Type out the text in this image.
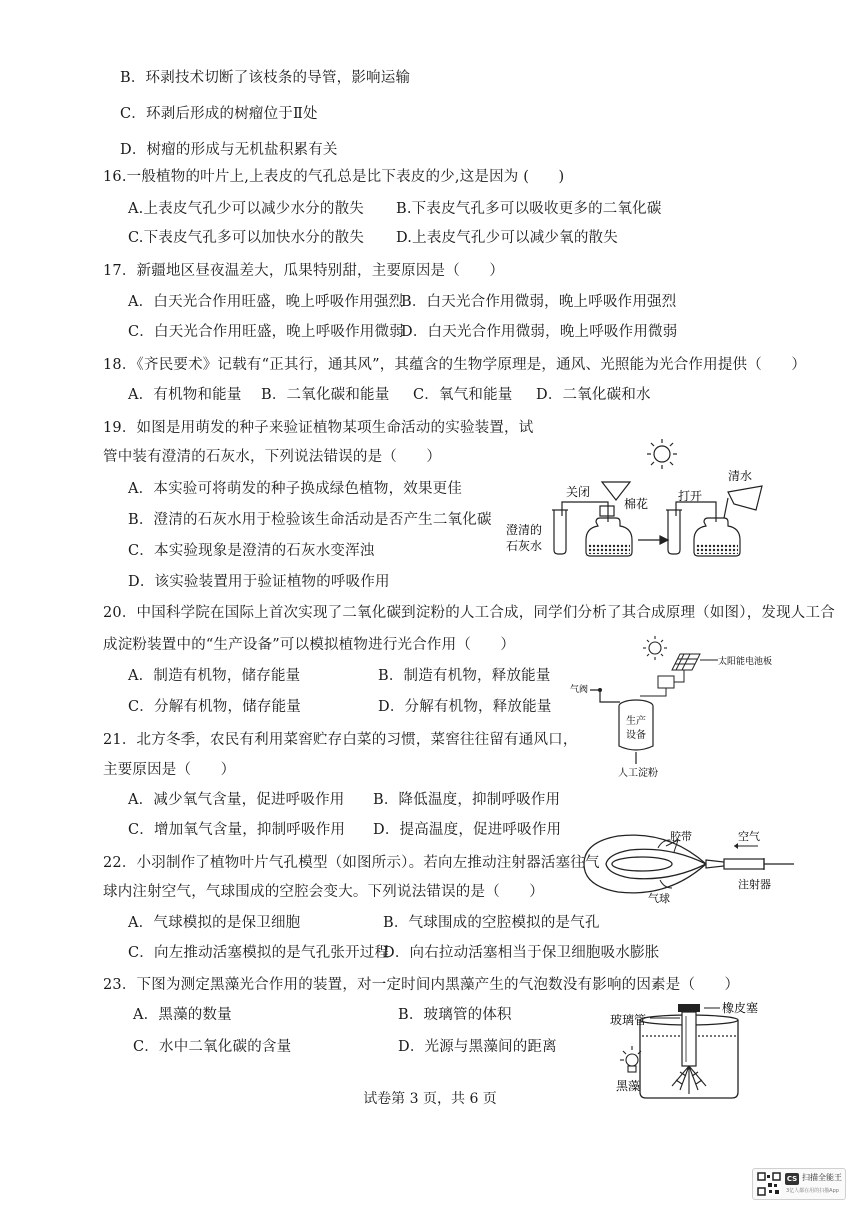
B．环剥技术切断了该枝条的导管，影响运输
C．环剥后形成的树瘤位于Ⅱ处
D．树瘤的形成与无机盐积累有关
16.一般植物的叶片上,上表皮的气孔总是比下表皮的少,这是因为 (　　)
A.上表皮气孔少可以减少水分的散失 B.下表皮气孔多可以吸收更多的二氧化碳
C.下表皮气孔多可以加快水分的散失 D.上表皮气孔少可以减少氧的散失
17．新疆地区昼夜温差大，瓜果特别甜，主要原因是（　　）
A．白天光合作用旺盛，晚上呼吸作用强烈
B．白天光合作用微弱，晚上呼吸作用强烈
C．白天光合作用旺盛，晚上呼吸作用微弱
D．白天光合作用微弱，晚上呼吸作用微弱
18．《齐民要术》记载有“正其行，通其风”，其蕴含的生物学原理是，通风、光照能为光合作用提供（　　）
A．有机物和能量 B．二氧化碳和能量 C．氧气和能量 D．二氧化碳和水
19．如图是用萌发的种子来验证植物某项生命活动的实验装置，试
管中装有澄清的石灰水，下列说法错误的是（　　）
A．本实验可将萌发的种子换成绿色植物，效果更佳
B．澄清的石灰水用于检验该生命活动是否产生二氧化碳
C．本实验现象是澄清的石灰水变浑浊
D．该实验装置用于验证植物的呼吸作用
关闭
棉花
打开
清水
澄清的
石灰水
20．中国科学院在国际上首次实现了二氧化碳到淀粉的人工合成，同学们分析了其合成原理（如图），发现人工合
成淀粉装置中的“生产设备”可以模拟植物进行光合作用（　　）
A．制造有机物，储存能量	B．制造有机物，释放能量
C．分解有机物，储存能量	D．分解有机物，释放能量
太阳能电池板
气阀
生产
设备
人工淀粉
21．北方冬季，农民有利用菜窖贮存白菜的习惯，菜窖往往留有通风口，
主要原因是（　　）
A．减少氧气含量，促进呼吸作用 B．降低温度，抑制呼吸作用
C．增加氧气含量，抑制呼吸作用 D．提高温度，促进呼吸作用
22．小羽制作了植物叶片气孔模型（如图所示）。若向左推动注射器活塞往气
球内注射空气，气球围成的空腔会变大。下列说法错误的是（　　）
A．气球模拟的是保卫细胞	B．气球围成的空腔模拟的是气孔
C．向左推动活塞模拟的是气孔张开过程
D．向右拉动活塞相当于保卫细胞吸水膨胀
胶带	空气
注射器
气球
23．下图为测定黑藻光合作用的装置，对一定时间内黑藻产生的气泡数没有影响的因素是（　　）
A．黑藻的数量	B．玻璃管的体积
C．水中二氧化碳的含量	D．光源与黑藻间的距离
玻璃管
橡皮塞
黑藻
试卷第 3 页，共 6 页
CS 扫描全能王
3亿人都在用的扫描App
